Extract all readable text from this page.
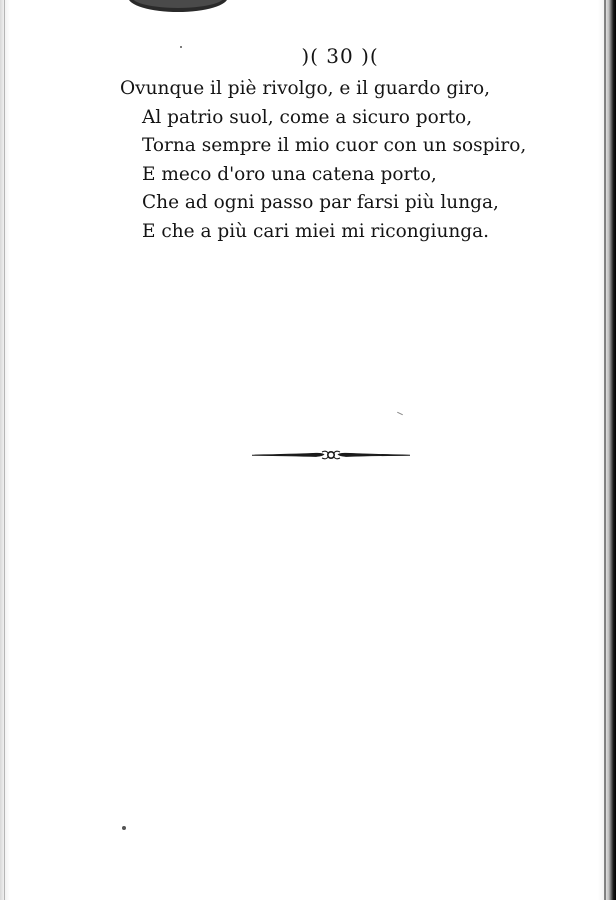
)( 30 )(
Ovunque il piè rivolgo, e il guardo giro,
Al patrio suol, come a sicuro porto,
Torna sempre il mio cuor con un sospiro,
E meco d'oro una catena porto,
Che ad ogni passo par farsi più lunga,
E che a più cari miei mi ricongiunga.
